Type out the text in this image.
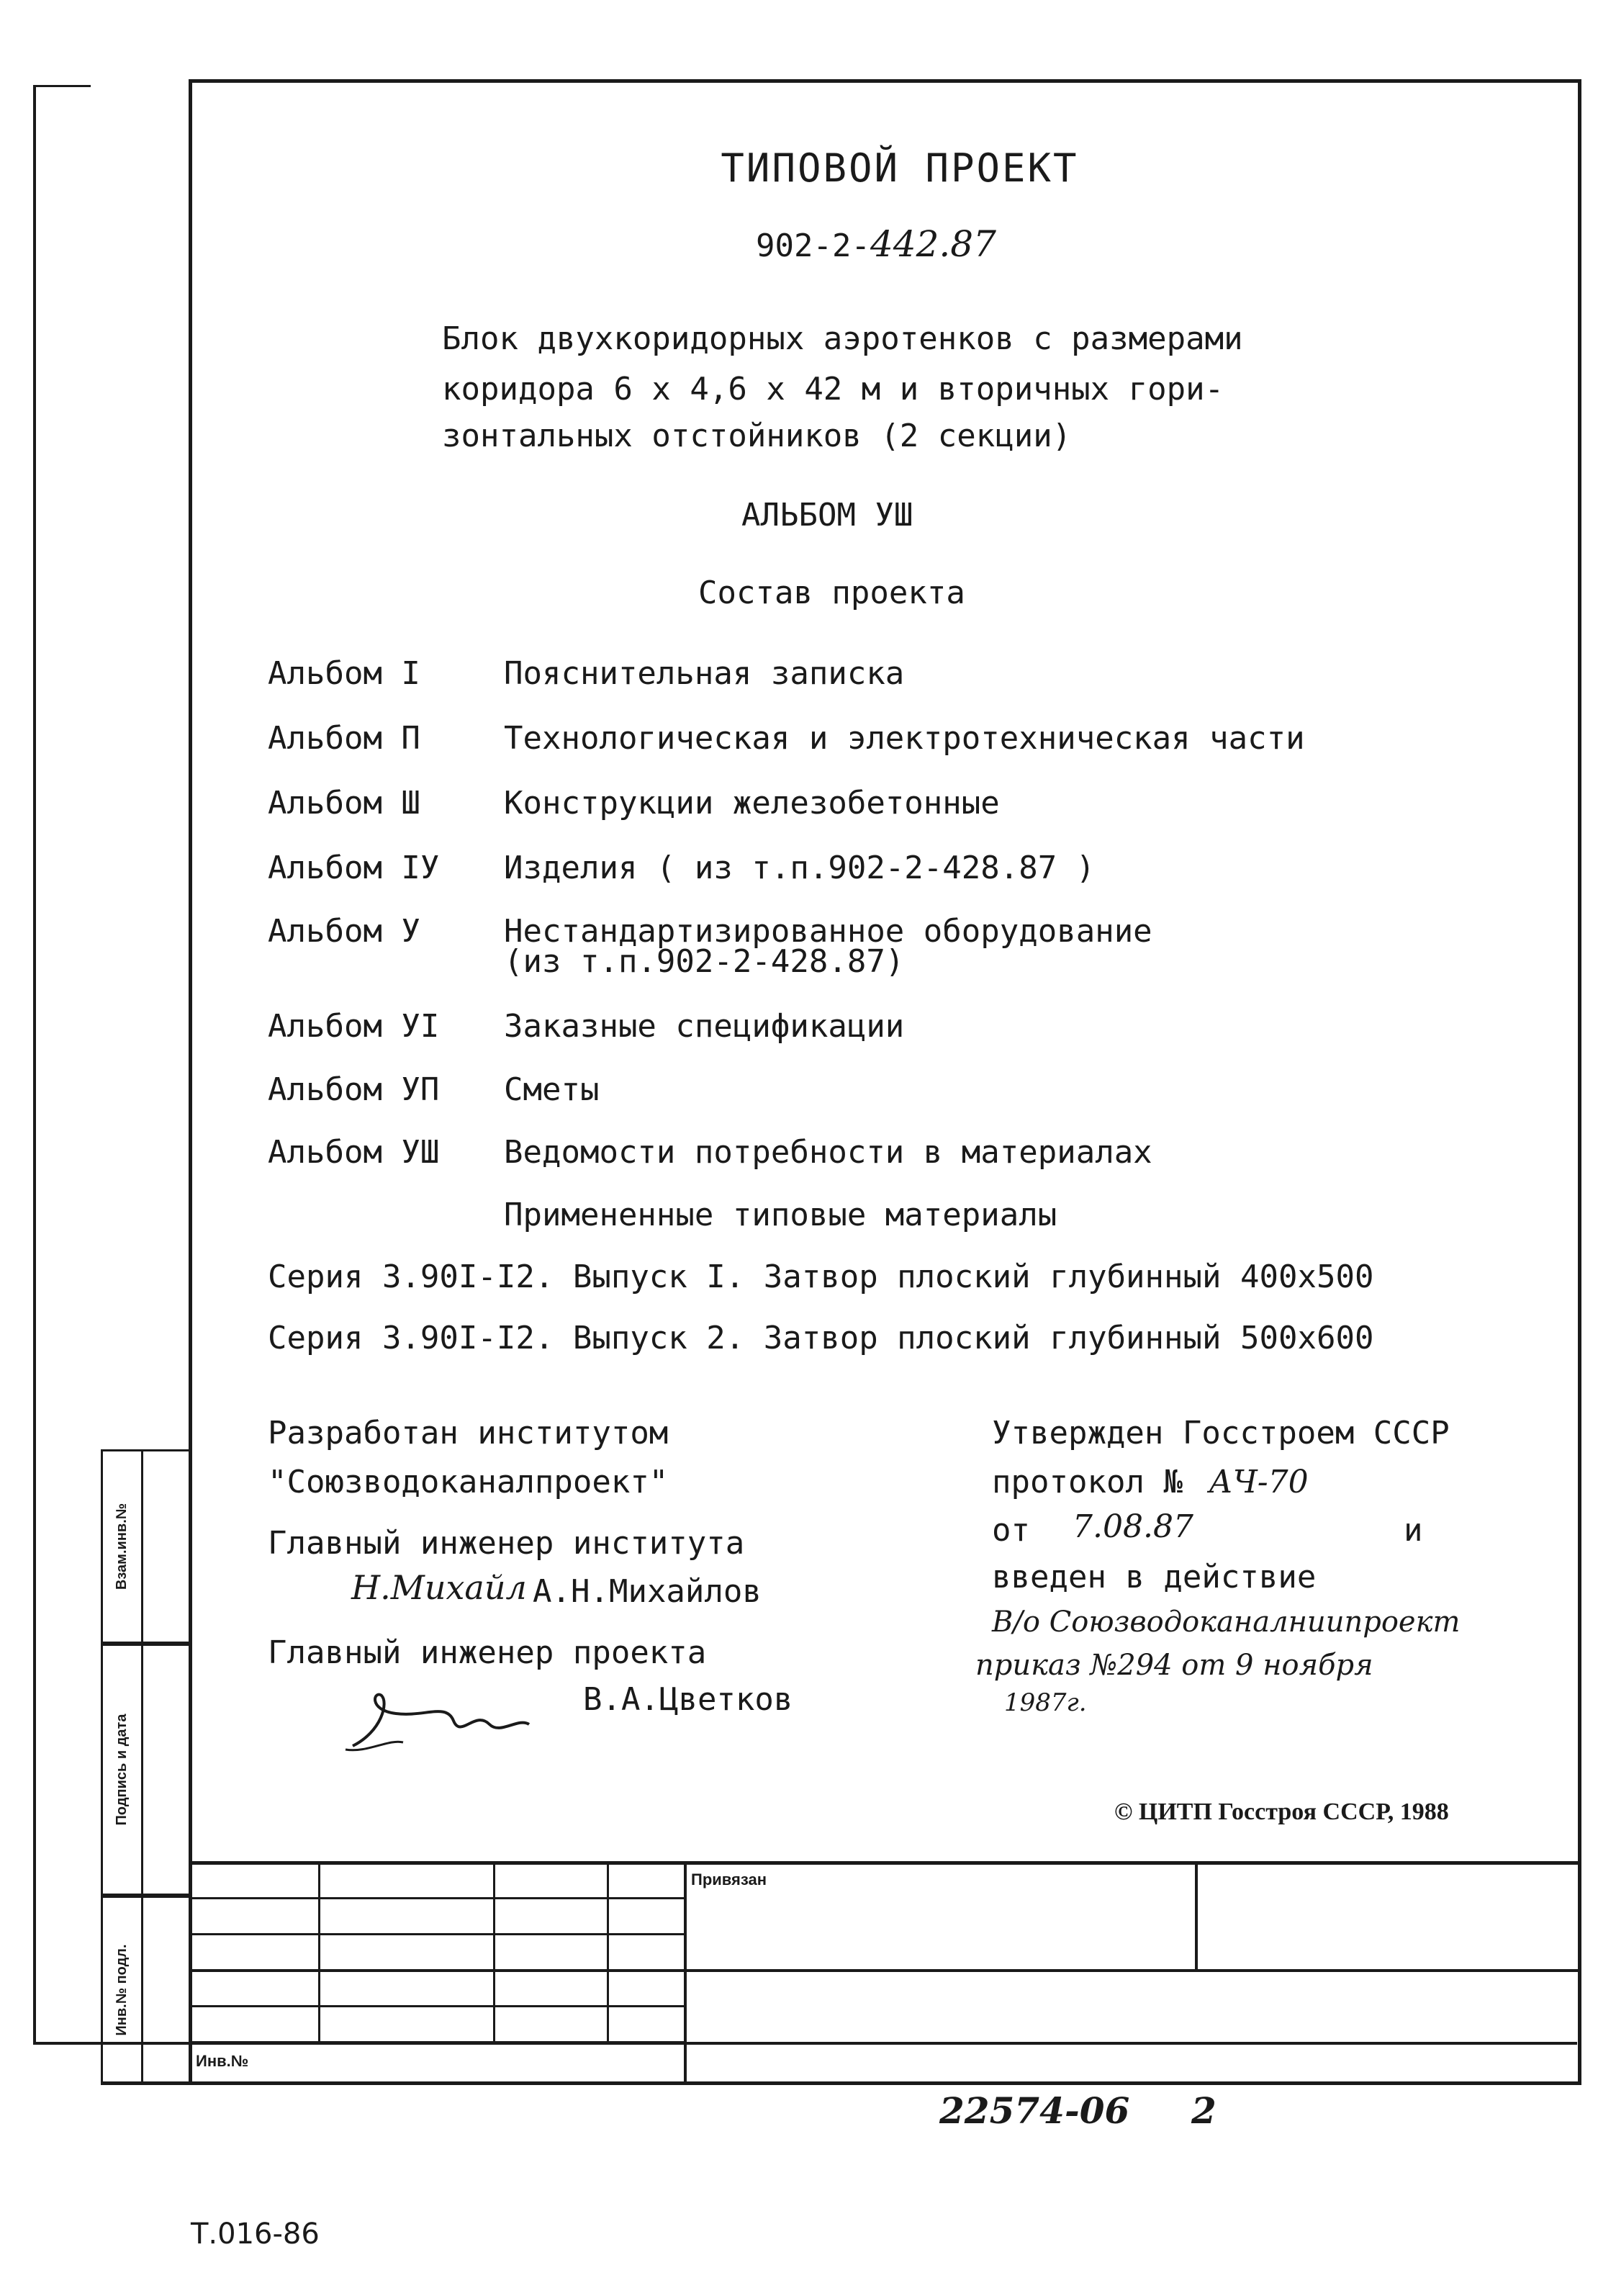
ТИПОВОЙ ПРОЕКТ
902-2-442.87
Блок двухкоридорных аэротенков с размерами
коридора 6 х 4,6 х 42 м и вторичных гори-
зонтальных отстойников (2 секции)
АЛЬБОМ УШ
Состав проекта
Альбом I	Пояснительная записка
Альбом П	Технологическая и электротехническая части
Альбом Ш	Конструкции железобетонные
Альбом IУ Изделия ( из т.п.902-2-428.87 )
Альбом У	Нестандартизированное оборудование
(из т.п.902-2-428.87)
Альбом УI Заказные спецификации
Альбом УП Сметы
Альбом УШ Ведомости потребности в материалах
Примененные типовые материалы
Серия 3.90I-I2. Выпуск I. Затвор плоский глубинный 400х500
Серия 3.90I-I2. Выпуск 2. Затвор плоский глубинный 500х600
Разработан институтом
"Союзводоканалпроект"
Главный инженер института
Н.Михайл А.Н.Михайлов
Главный инженер проекта
В.А.Цветков
Утвержден Госстроем СССР
протокол № АЧ-70
от 7.08.87	и
введен в действие
В/о Союзводоканалниипроект
приказ №294 от 9 ноября
1987г.
© ЦИТП Госстроя СССР, 1988
Взам.инв.№
Подпись и дата
Инв.№ подл.
Привязан
Инв.№
22574-06 2
Т.016-86
